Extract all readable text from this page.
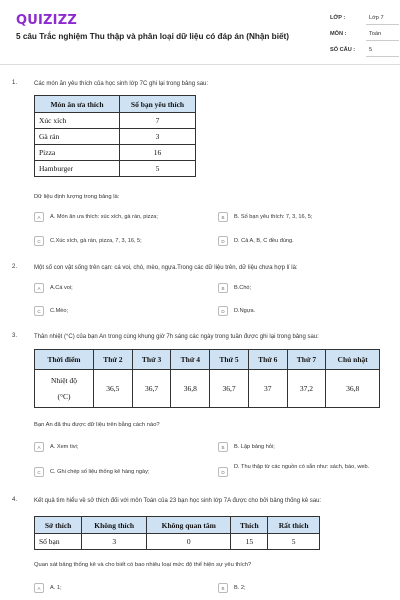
QUIZIZZ
5 câu Trắc nghiệm Thu thập và phân loại dữ liệu có đáp án (Nhận biết)
LỚP :	Lớp 7
MÔN :	Toán
SỐ CÂU :	5
1.	Các món ăn yêu thích của học sinh lớp 7C ghi lại trong bảng sau:
Món ăn ưa thích	Số bạn yêu thích
Xúc xích	7
Gà rán	3
Pizza	16
Hamburger	5
Dữ liệu định lượng trong bảng là:
A	A. Món ăn ưa thích: xúc xích, gà rán, pizza;	B	B. Số bạn yêu thích: 7, 3, 16, 5;
C	C.Xúc xích, gà rán, pizza, 7, 3, 16, 5;	D	D. Cả A, B, C đều đúng.
2.	Một số con vật sống trên cạn: cá voi, chó, mèo, ngựa.Trong các dữ liệu trên, dữ liệu chưa hợp lí là:
A	A.Cá voi;	B	B.Chó;
C	C.Mèo;	D	D.Ngựa.
3.	Thân nhiệt (°C) của bạn An trong cùng khung giờ 7h sáng các ngày trong tuần được ghi lại trong bảng sau:
Thời điểm	Thứ 2	Thứ 3	Thứ 4	Thứ 5	Thứ 6	Thứ 7	Chủ nhật

Nhiệt độ
(°C)	36,5	36,7	36,8	36,7	37	37,2	36,8
Bạn An đã thu được dữ liệu trên bằng cách nào?
A	A. Xem tivi;	B	B. Lập bảng hỏi;
C	C. Ghi chép số liệu thống kê hàng ngày;	D
D. Thu thập từ các nguồn có sẵn như: sách, báo, web.
4.	Kết quả tìm hiểu về sở thích đối với môn Toán của 23 bạn học sinh lớp 7A được cho bởi bảng thống kê sau:
Sở thích	Không thích	Không quan tâm	Thích	Rất thích
Số bạn	3	0	15	5
Quan sát bảng thống kê và cho biết có bao nhiêu loại mức độ thể hiện sự yêu thích?
A	A. 1;	B	B. 2;
